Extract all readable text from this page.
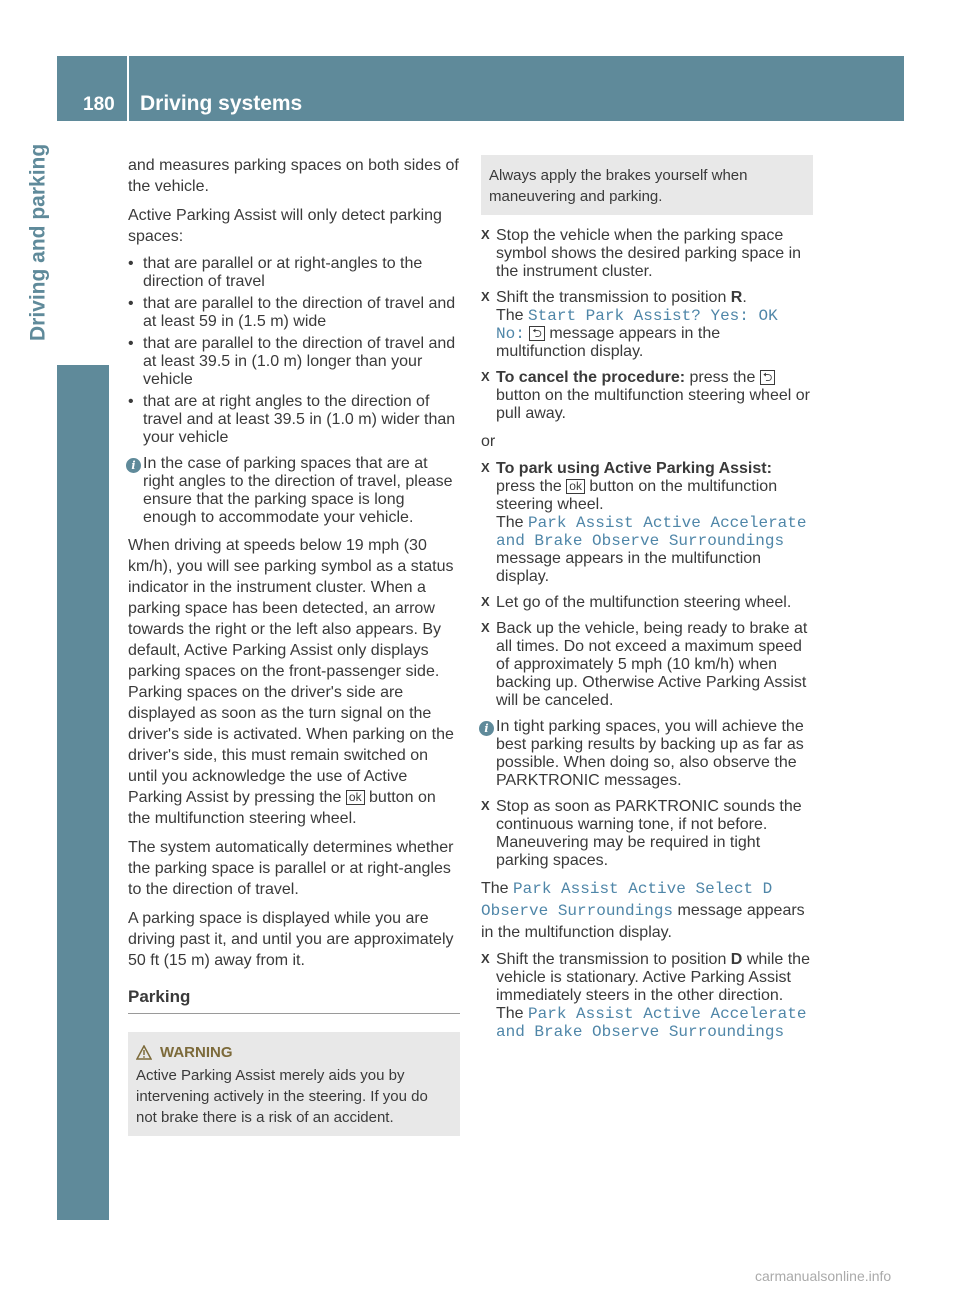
180 Driving systems
Driving and parking	and measures parking spaces on both sides of the vehicle.

Active Parking Assist will only detect parking spaces:

• that are parallel or at right-angles to the direction of travel
• that are parallel to the direction of travel and at least 59 in (1.5 m) wide
• that are parallel to the direction of travel and at least 39.5 in (1.0 m) longer than your vehicle
• that are at right angles to the direction of travel and at least 39.5 in (1.0 m) wider than your vehicle
i In the case of parking spaces that are at right angles to the direction of travel, please ensure that the parking space is long enough to accommodate your vehicle.

When driving at speeds below 19 mph (30 km/h), you will see parking symbol as a status indicator in the instrument cluster. When a parking space has been detected, an arrow towards the right or the left also appears. By default, Active Parking Assist only displays parking spaces on the front-passenger side. Parking spaces on the driver's side are displayed as soon as the turn signal on the driver's side is activated. When parking on the driver's side, this must remain switched on until you acknowledge the use of Active Parking Assist by pressing the ok button on the multifunction steering wheel.

The system automatically determines whether the parking space is parallel or at right-angles to the direction of travel.

A parking space is displayed while you are driving past it, and until you are approximately 50 ft (15 m) away from it.

Parking
WARNING
Active Parking Assist merely aids you by intervening actively in the steering. If you do not brake there is a risk of an accident.
Always apply the brakes yourself when maneuvering and parking.
X Stop the vehicle when the parking space symbol shows the desired parking space in the instrument cluster.
X Shift the transmission to position R.
The Start Park Assist? Yes: OK No: ⮌ message appears in the multifunction display.
X To cancel the procedure: press the ⮌ button on the multifunction steering wheel or pull away.

or

X To park using Active Parking Assist:
press the ok button on the multifunction steering wheel.
The Park Assist Active Accelerate and Brake Observe Surroundings message appears in the multifunction display.
X Let go of the multifunction steering wheel.
X Back up the vehicle, being ready to brake at all times. Do not exceed a maximum speed of approximately 5 mph (10 km/h) when backing up. Otherwise Active Parking Assist will be canceled.
i In tight parking spaces, you will achieve the best parking results by backing up as far as possible. When doing so, also observe the PARKTRONIC messages.
X Stop as soon as PARKTRONIC sounds the continuous warning tone, if not before. Maneuvering may be required in tight parking spaces.

The Park Assist Active Select D Observe Surroundings message appears in the multifunction display.

X Shift the transmission to position D while the vehicle is stationary. Active Parking Assist immediately steers in the other direction.
The Park Assist Active Accelerate and Brake Observe Surroundings
carmanualsonline.info
